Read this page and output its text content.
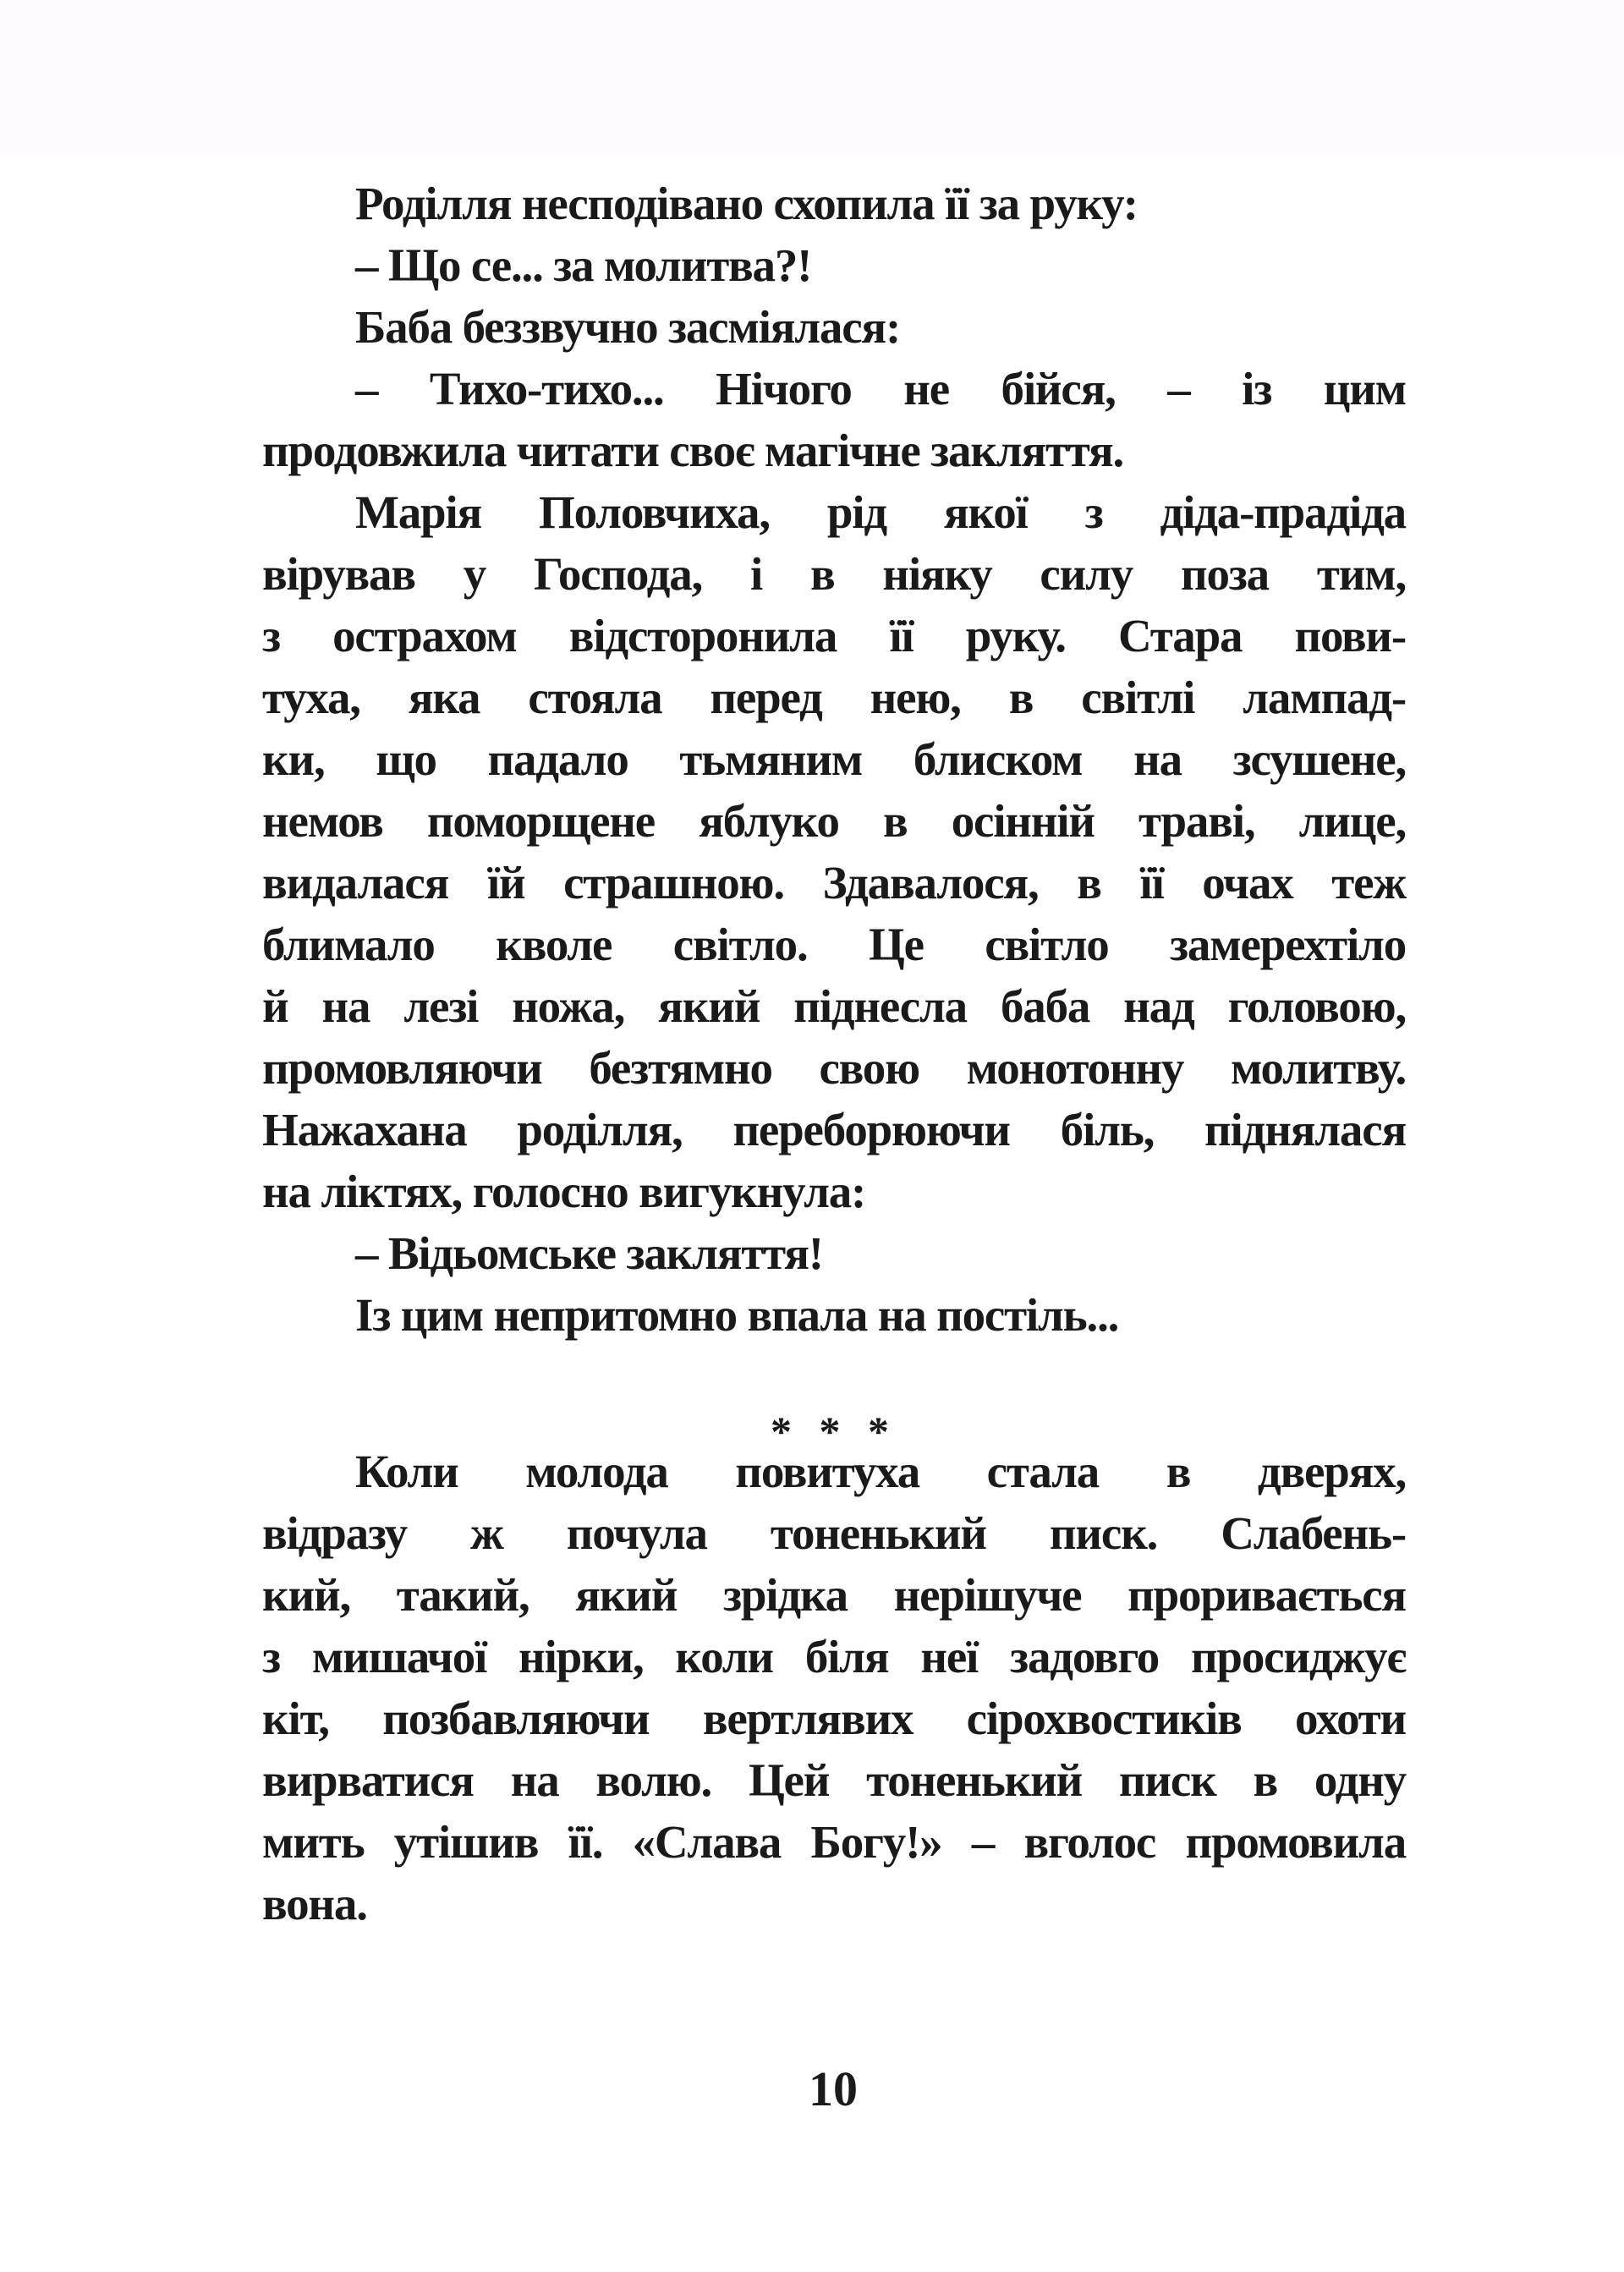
Роділля несподівано схопила її за руку:
– Що се... за молитва?!
Баба беззвучно засміялася:
– Тихо-тихо... Нічого не бійся, – із цим
продовжила читати своє магічне закляття.
Марія Половчиха, рід якої з діда-прадіда
вірував у Господа, і в ніяку силу поза тим,
з острахом відсторонила її руку. Стара пови-
туха, яка стояла перед нею, в світлі лампад-
ки, що падало тьмяним блиском на зсушене,
немов поморщене яблуко в осінній траві, лице,
видалася їй страшною. Здавалося, в її очах теж
блимало кволе світло. Це світло замерехтіло
й на лезі ножа, який піднесла баба над головою,
промовляючи безтямно свою монотонну молитву.
Нажахана роділля, переборюючи біль, піднялася
на ліктях, голосно вигукнула:
– Відьомське закляття!
Із цим непритомно впала на постіль...
* * *
Коли молода повитуха стала в дверях,
відразу ж почула тоненький писк. Слабень-
кий, такий, який зрідка нерішуче проривається
з мишачої нірки, коли біля неї задовго просиджує
кіт, позбавляючи вертлявих сірохвостиків охоти
вирватися на волю. Цей тоненький писк в одну
мить утішив її. «Слава Богу!» – вголос промовила
вона.
10
